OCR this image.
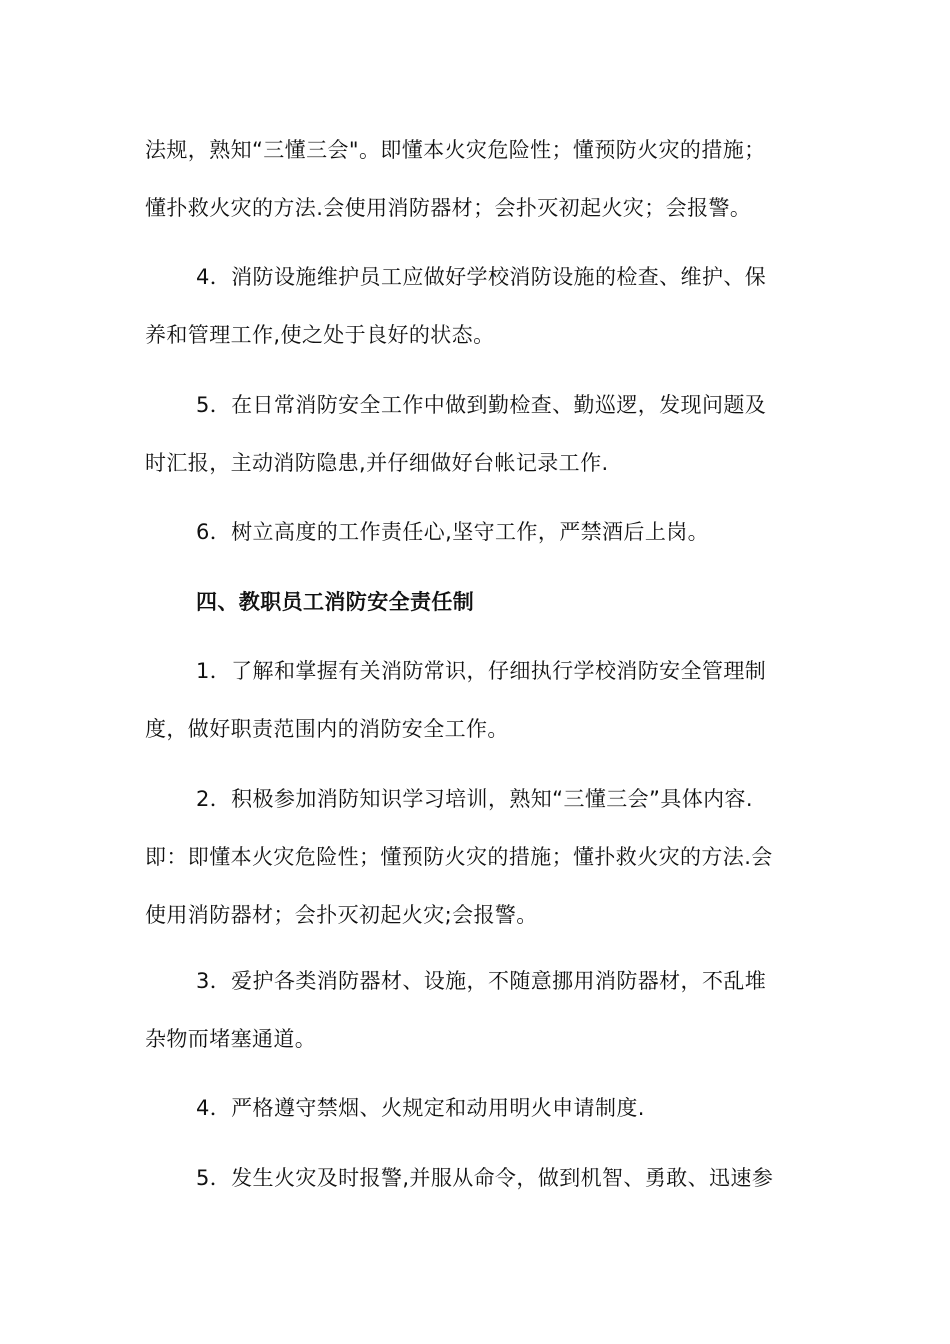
法规，熟知“三懂三会"。即懂本火灾危险性；懂预防火灾的措施；
懂扑救火灾的方法.会使用消防器材；会扑灭初起火灾；会报警。
4．消防设施维护员工应做好学校消防设施的检查、维护、保
养和管理工作,使之处于良好的状态。
5．在日常消防安全工作中做到勤检查、勤巡逻，发现问题及
时汇报，主动消防隐患,并仔细做好台帐记录工作.
6．树立高度的工作责任心,坚守工作，严禁酒后上岗。
四、教职员工消防安全责任制
1．了解和掌握有关消防常识，仔细执行学校消防安全管理制
度，做好职责范围内的消防安全工作。
2．积极参加消防知识学习培训，熟知“三懂三会”具体内容.
即：即懂本火灾危险性；懂预防火灾的措施；懂扑救火灾的方法.会
使用消防器材；会扑灭初起火灾;会报警。
3．爱护各类消防器材、设施，不随意挪用消防器材，不乱堆
杂物而堵塞通道。
4．严格遵守禁烟、火规定和动用明火申请制度.
5．发生火灾及时报警,并服从命令，做到机智、勇敢、迅速参
